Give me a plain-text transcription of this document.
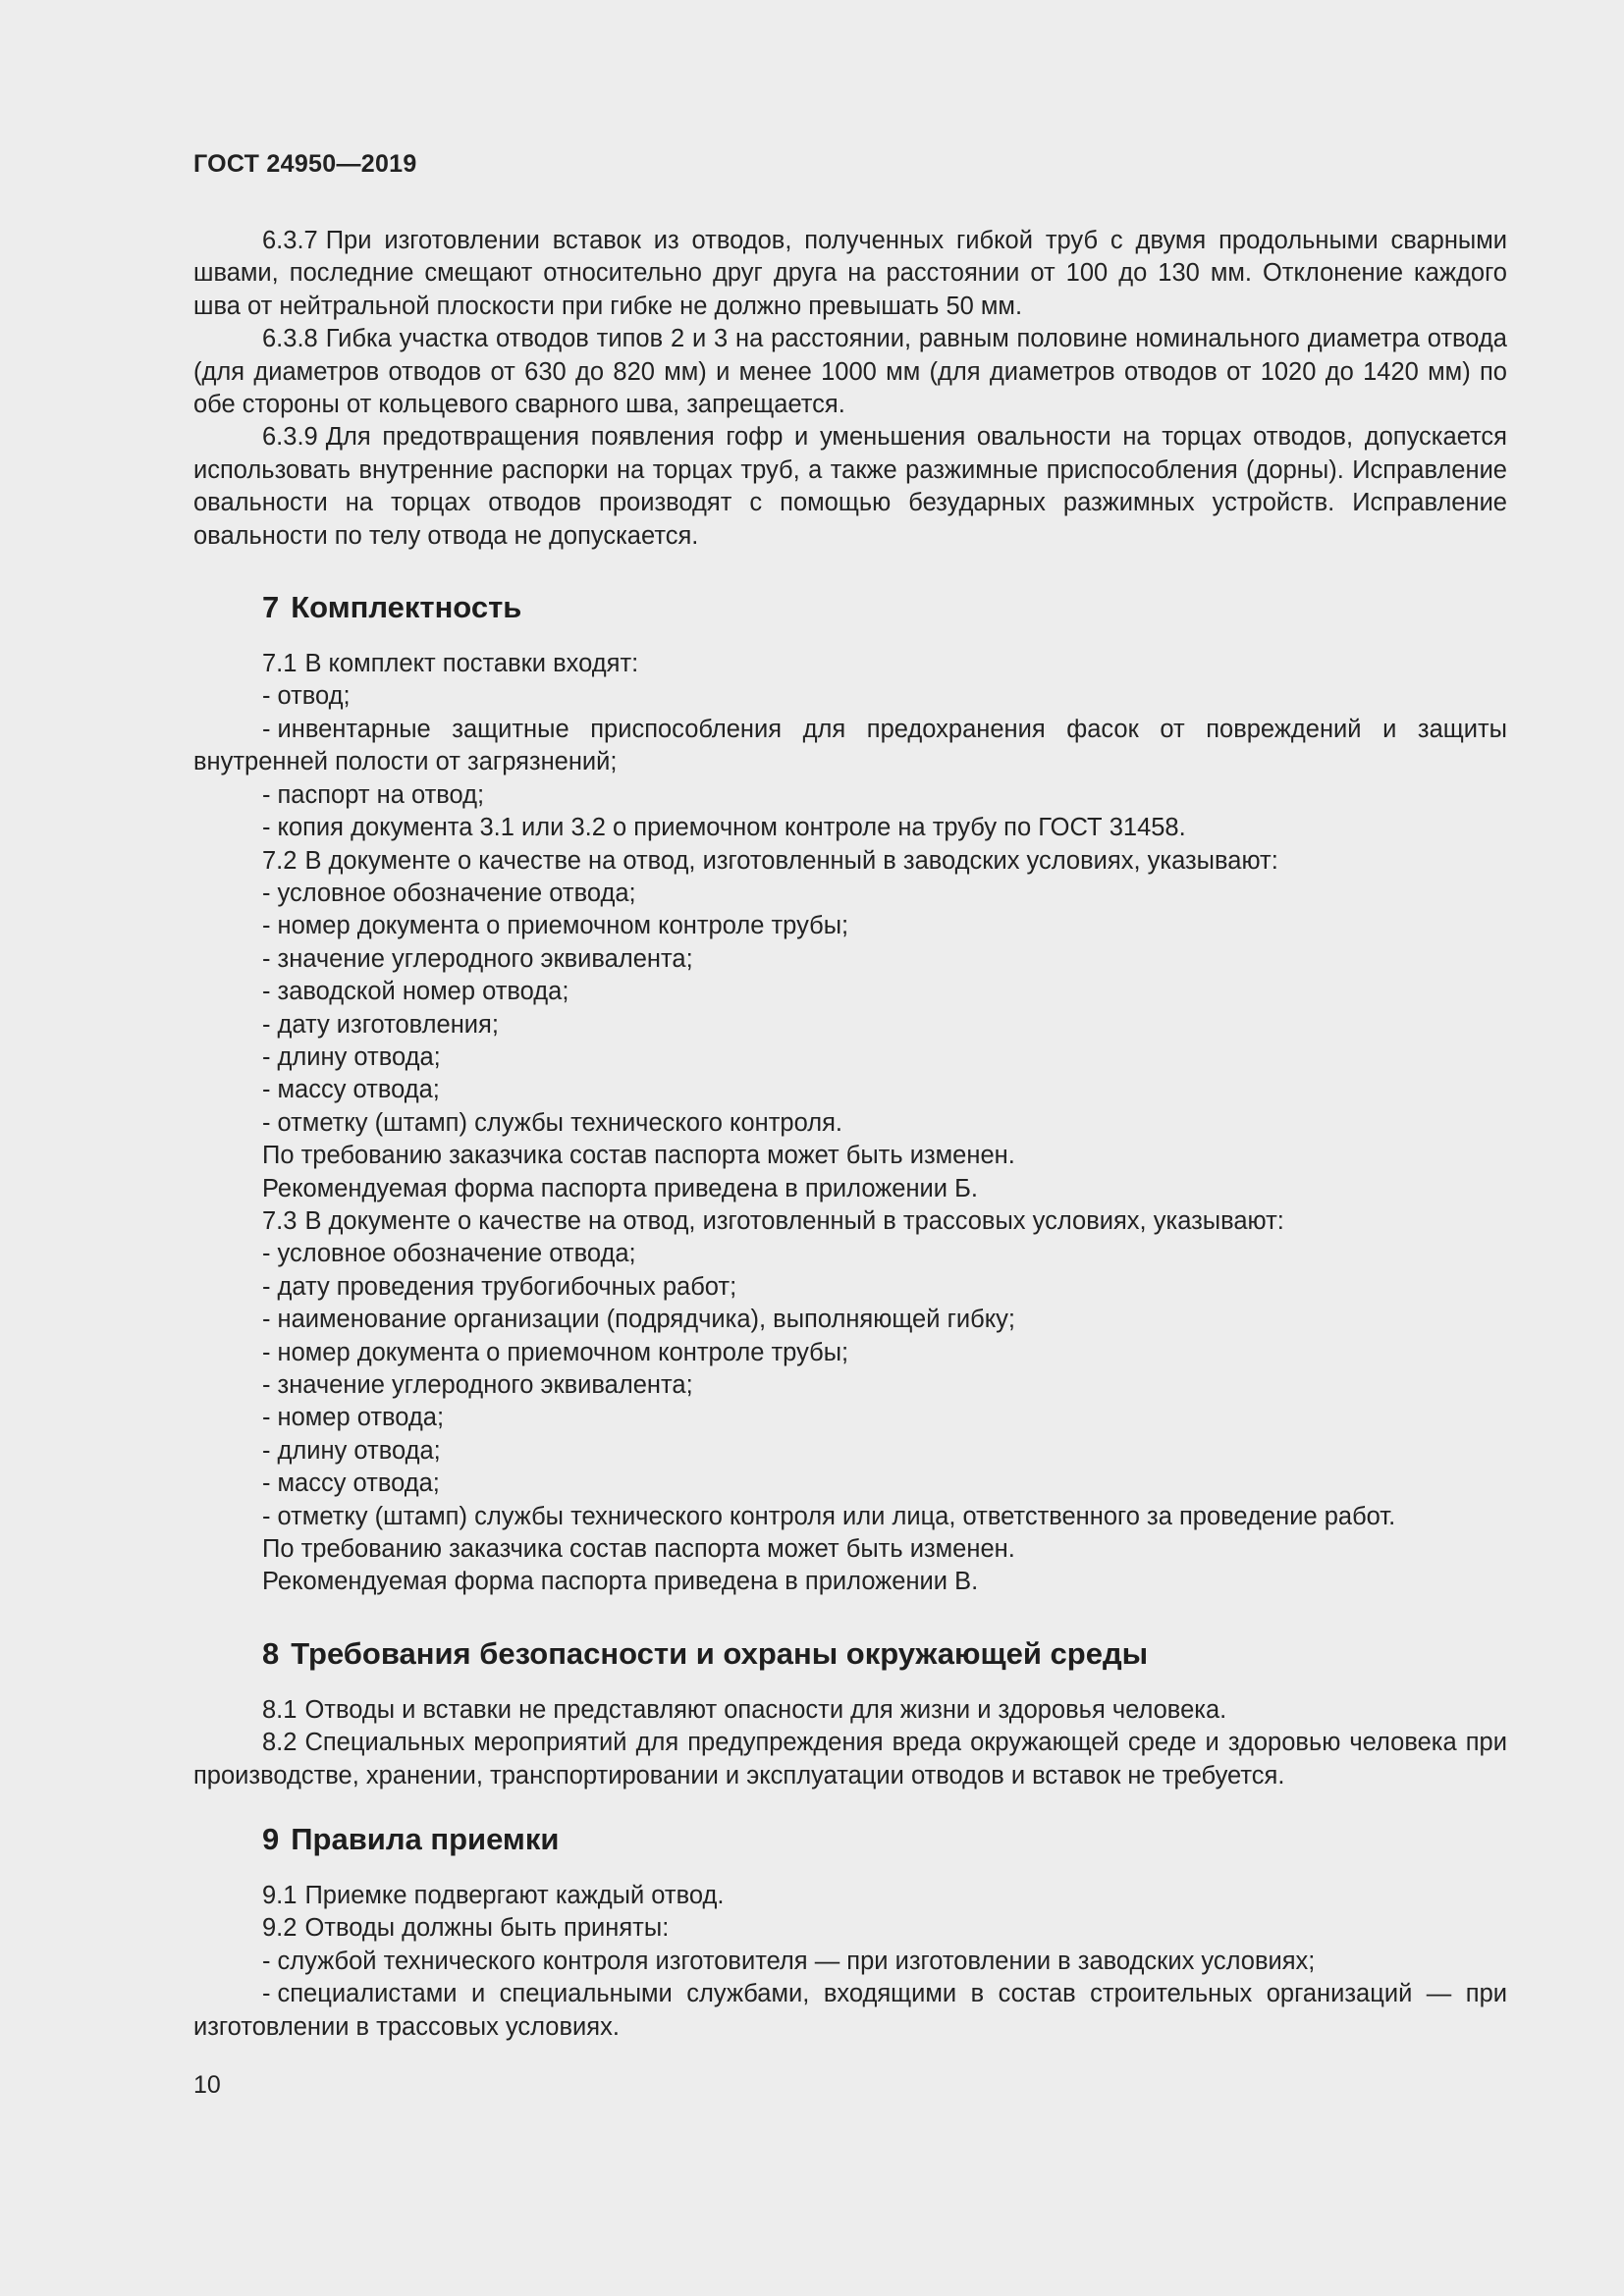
ГОСТ 24950—2019

6.3.7 При изготовлении вставок из отводов, полученных гибкой труб с двумя продольными сварными швами, последние смещают относительно друг друга на расстоянии от 100 до 130 мм. Отклонение каждого шва от нейтральной плоскости при гибке не должно превышать 50 мм.

6.3.8 Гибка участка отводов типов 2 и 3 на расстоянии, равным половине номинального диаметра отвода (для диаметров отводов от 630 до 820 мм) и менее 1000 мм (для диаметров отводов от 1020 до 1420 мм) по обе стороны от кольцевого сварного шва, запрещается.

6.3.9 Для предотвращения появления гофр и уменьшения овальности на торцах отводов, допускается использовать внутренние распорки на торцах труб, а также разжимные приспособления (дорны). Исправление овальности на торцах отводов производят с помощью безударных разжимных устройств. Исправление овальности по телу отвода не допускается.

7 Комплектность

7.1 В комплект поставки входят:

- отвод;

- инвентарные защитные приспособления для предохранения фасок от повреждений и защиты внутренней полости от загрязнений;

- паспорт на отвод;

- копия документа 3.1 или 3.2 о приемочном контроле на трубу по ГОСТ 31458.

7.2 В документе о качестве на отвод, изготовленный в заводских условиях, указывают:

- условное обозначение отвода;

- номер документа о приемочном контроле трубы;

- значение углеродного эквивалента;

- заводской номер отвода;

- дату изготовления;

- длину отвода;

- массу отвода;

- отметку (штамп) службы технического контроля.

По требованию заказчика состав паспорта может быть изменен.

Рекомендуемая форма паспорта приведена в приложении Б.

7.3 В документе о качестве на отвод, изготовленный в трассовых условиях, указывают:

- условное обозначение отвода;

- дату проведения трубогибочных работ;

- наименование организации (подрядчика), выполняющей гибку;

- номер документа о приемочном контроле трубы;

- значение углеродного эквивалента;

- номер отвода;

- длину отвода;

- массу отвода;

- отметку (штамп) службы технического контроля или лица, ответственного за проведение работ.

По требованию заказчика состав паспорта может быть изменен.

Рекомендуемая форма паспорта приведена в приложении В.

8 Требования безопасности и охраны окружающей среды

8.1 Отводы и вставки не представляют опасности для жизни и здоровья человека.

8.2 Специальных мероприятий для предупреждения вреда окружающей среде и здоровью человека при производстве, хранении, транспортировании и эксплуатации отводов и вставок не требуется.

9 Правила приемки

9.1 Приемке подвергают каждый отвод.

9.2 Отводы должны быть приняты:

- службой технического контроля изготовителя — при изготовлении в заводских условиях;

- специалистами и специальными службами, входящими в состав строительных организаций — при изготовлении в трассовых условиях.

10
